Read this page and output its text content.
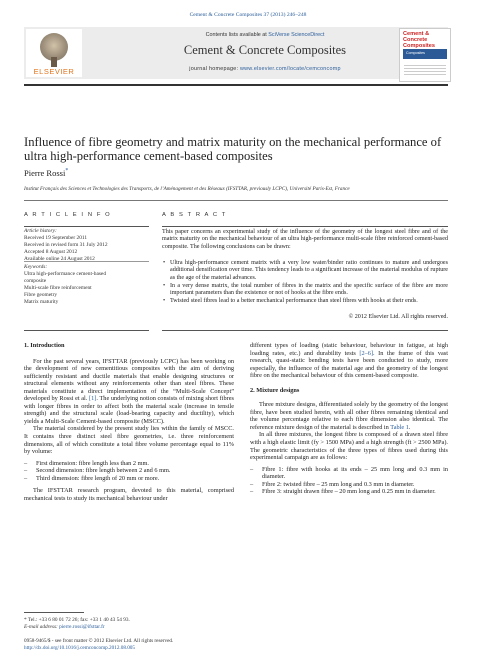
Cement & Concrete Composites 37 (2013) 246–248
ELSEVIER
Contents lists available at SciVerse ScienceDirect
Cement & Concrete Composites
journal homepage: www.elsevier.com/locate/cemconcomp
Cement & Concrete Composites
Composites
Influence of fibre geometry and matrix maturity on the mechanical performance of ultra high-performance cement-based composites
Pierre Rossi*
Institut Français des Sciences et Technologies des Transports, de l’Aménagement et des Réseaux (IFSTTAR, previously LCPC), Université Paris-Est, France
A R T I C L E I N F O
Article history:
Received 19 September 2011
Received in revised form 31 July 2012
Accepted 8 August 2012
Available online 24 August 2012
Keywords:
Ultra high-performance cement-based
composite
Multi-scale fibre reinforcement
Fibre geometry
Matrix maturity
A B S T R A C T
This paper concerns an experimental study of the influence of the geometry of the longest steel fibre and of the matrix maturity on the mechanical behaviour of an ultra high-performance multi-scale fibre reinforced cement-based composite. The following conclusions can be drawn:
• Ultra high-performance cement matrix with a very low water/binder ratio continues to mature and undergoes additional densification over time. This tendency leads to a significant increase of the material modulus of rupture as the age of the material advances.
• In a very dense matrix, the total number of fibres in the matrix and the specific surface of the fibre are more important parameters than the existence or not of hooks at the fibre ends.
• Twisted steel fibres lead to a better mechanical performance than steel fibres with hooks at their ends.
© 2012 Elsevier Ltd. All rights reserved.
1. Introduction

For the past several years, IFSTTAR (previously LCPC) has been working on the development of new cementitious composites with the aim of deriving sufficiently resistant and ductile materials that enable designing structures or structural elements without any reinforcements other than steel fibres. These materials constitute a direct implementation of the “Multi-Scale Concept” developed by Rossi et al. [1]. The underlying notion consists of mixing short fibres with longer fibres in order to affect both the material scale (increase in tensile strength) and the structural scale (load-bearing capacity and ductility), which yields a Multi-Scale Cement-based composite (MSCC).

The material considered by the present study lies within the family of MSCC. It contains three distinct steel fibre geometries, i.e. three reinforcement dimensions, all of which constitute a total fibre volume percentage equal to 11% by volume:

– First dimension: fibre length less than 2 mm.
– Second dimension: fibre length between 2 and 6 mm.
– Third dimension: fibre length of 20 mm or more.

The IFSTTAR research program, devoted to this material, comprised mechanical tests to study its mechanical behaviour under

different types of loading (static behaviour, behaviour in fatigue, at high loading rates, etc.) and durability tests [2–6]. In the frame of this vast research, quasi-static bending tests have been conducted to study, more especially, the influence of the material age and the geometry of the longest fibre on the mechanical behaviour of this cement-based composite.

2. Mixture designs

Three mixture designs, differentiated solely by the geometry of the longest fibre, have been studied herein, with all other fibres remaining identical and the volume percentage relative to each fibre dimension also identical. The reference mixture design of the material is described in Table 1.

In all three mixtures, the longest fibre is composed of a drawn steel fibre with a high elastic limit (fy > 1500 MPa) and a high strength (ft > 2500 MPa). The geometric characteristics of the three types of fibres used during this experimental campaign are as follows:

– Fibre 1: fibre with hooks at its ends – 25 mm long and 0.3 mm in diameter.
– Fibre 2: twisted fibre – 25 mm long and 0.3 mm in diameter.
– Fibre 3: straight drawn fibre – 20 mm long and 0.25 mm in diameter.
* Tel.: +33 6 80 01 72 26; fax: +33 1 40 43 54 93.
E-mail address: pierre.rossi@ifsttar.fr
0958-9465/$ - see front matter © 2012 Elsevier Ltd. All rights reserved.
http://dx.doi.org/10.1016/j.cemconcomp.2012.08.005
